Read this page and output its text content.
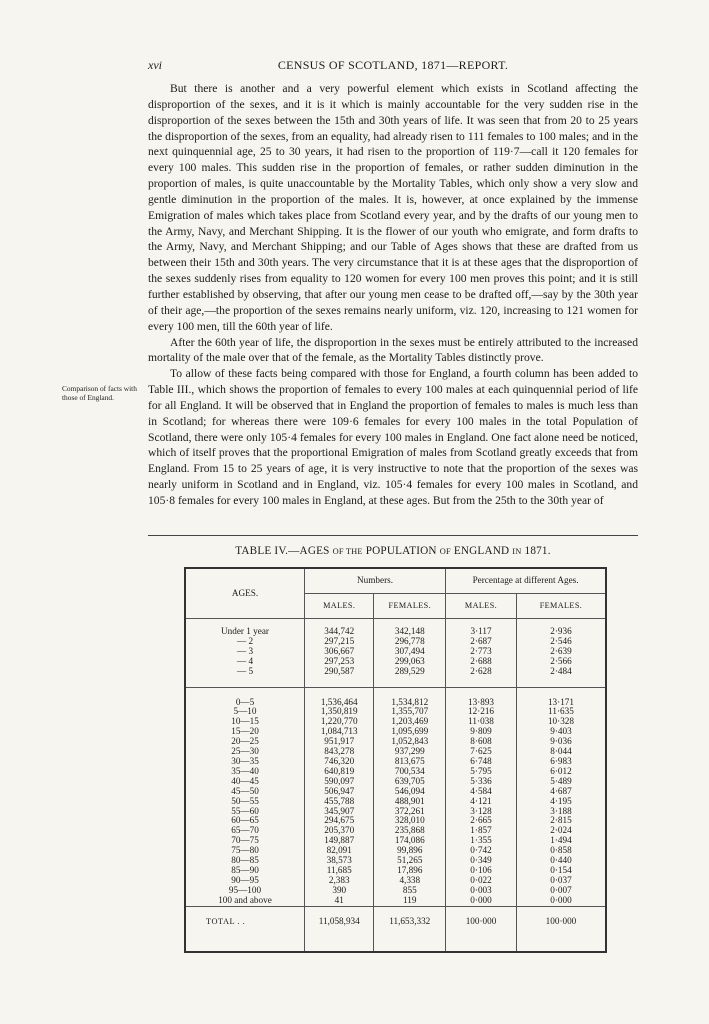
xvi	CENSUS OF SCOTLAND, 1871—REPORT.

But there is another and a very powerful element which exists in Scotland affecting the disproportion of the sexes, and it is it which is mainly accountable for the very sudden rise in the disproportion of the sexes between the 15th and 30th years of life. It was seen that from 20 to 25 years the disproportion of the sexes, from an equality, had already risen to 111 females to 100 males; and in the next quinquennial age, 25 to 30 years, it had risen to the proportion of 119·7—call it 120 females for every 100 males. This sudden rise in the proportion of females, or rather sudden diminution in the proportion of males, is quite unaccountable by the Mortality Tables, which only show a very slow and gentle diminution in the proportion of the males. It is, however, at once explained by the immense Emigration of males which takes place from Scotland every year, and by the drafts of our young men to the Army, Navy, and Merchant Shipping. It is the flower of our youth who emigrate, and form drafts to the Army, Navy, and Merchant Shipping; and our Table of Ages shows that these are drafted from us between their 15th and 30th years. The very circumstance that it is at these ages that the disproportion of the sexes suddenly rises from equality to 120 women for every 100 men proves this point; and it is still further established by observing, that after our young men cease to be drafted off,—say by the 30th year of their age,—the proportion of the sexes remains nearly uniform, viz. 120, increasing to 121 women for every 100 men, till the 60th year of life.

After the 60th year of life, the disproportion in the sexes must be entirely attributed to the increased mortality of the male over that of the female, as the Mortality Tables distinctly prove.

To allow of these facts being compared with those for England, a fourth column has been added to Table III., which shows the proportion of females to every 100 males at each quinquennial period of life for all England. It will be observed that in England the proportion of females to males is much less than in Scotland; for whereas there were 109·6 females for every 100 males in the total Population of Scotland, there were only 105·4 females for every 100 males in England. One fact alone need be noticed, which of itself proves that the proportional Emigration of males from Scotland greatly exceeds that from England. From 15 to 25 years of age, it is very instructive to note that the proportion of the sexes was nearly uniform in Scotland and in England, viz. 105·4 females for every 100 males in Scotland, and 105·8 females for every 100 males in England, at these ages. But from the 25th to the 30th year of

Comparison of facts with those of England.
TABLE IV.—AGES OF THE POPULATION OF ENGLAND IN 1871.
AGES.	Numbers.		Percentage at different Ages.	
	MALES.	FEMALES.	MALES.	FEMALES.

Under 1 year	344,742	342,148	3·117	2·936
— 2	297,215	296,778	2·687	2·546
— 3	306,667	307,494	2·773	2·639
— 4	297,253	299,063	2·688	2·566
— 5	290,587	289,529	2·628	2·484
0—5	1,536,464	1,534,812	13·893	13·171
5—10	1,350,819	1,355,707	12·216	11·635
10—15	1,220,770	1,203,469	11·038	10·328
15—20	1,084,713	1,095,699	9·809	9·403
20—25	951,917	1,052,843	8·608	9·036
25—30	843,278	937,299	7·625	8·044
30—35	746,320	813,675	6·748	6·983
35—40	640,819	700,534	5·795	6·012
40—45	590,097	639,705	5·336	5·489
45—50	506,947	546,094	4·584	4·687
50—55	455,788	488,901	4·121	4·195
55—60	345,907	372,261	3·128	3·188
60—65	294,675	328,010	2·665	2·815
65—70	205,370	235,868	1·857	2·024
70—75	149,887	174,086	1·355	1·494
75—80	82,091	99,896	0·742	0·858
80—85	38,573	51,265	0·349	0·440
85—90	11,685	17,896	0·106	0·154
90—95	2,383	4,338	0·022	0·037
95—100	390	855	0·003	0·007
100 and above	41	119	0·000	0·000
TOTAL . .	11,058,934	11,653,332	100·000	100·000
